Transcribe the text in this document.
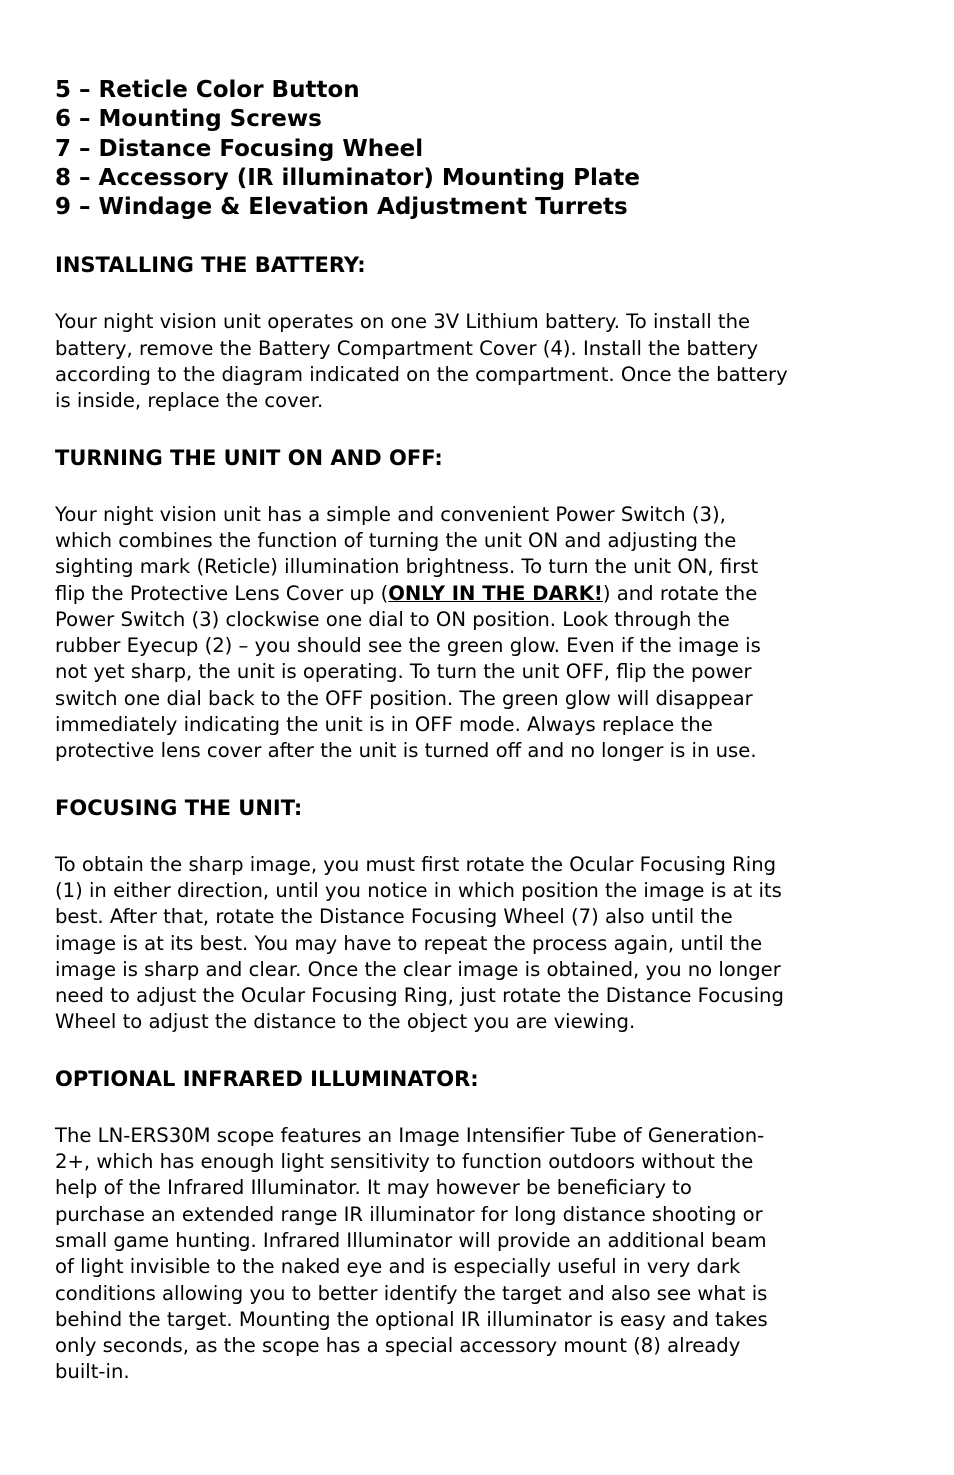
5 – Reticle Color Button
6 – Mounting Screws
7 – Distance Focusing Wheel
8 – Accessory (IR illuminator) Mounting Plate
9 – Windage & Elevation Adjustment Turrets
INSTALLING THE BATTERY:

Your night vision unit operates on one 3V Lithium battery. To install the
battery, remove the Battery Compartment Cover (4). Install the battery
according to the diagram indicated on the compartment. Once the battery
is inside, replace the cover.

TURNING THE UNIT ON AND OFF:

Your night vision unit has a simple and convenient Power Switch (3),
which combines the function of turning the unit ON and adjusting the
sighting mark (Reticle) illumination brightness. To turn the unit ON, first
flip the Protective Lens Cover up (ONLY IN THE DARK!) and rotate the
Power Switch (3) clockwise one dial to ON position. Look through the
rubber Eyecup (2) – you should see the green glow. Even if the image is
not yet sharp, the unit is operating. To turn the unit OFF, flip the power
switch one dial back to the OFF position. The green glow will disappear
immediately indicating the unit is in OFF mode. Always replace the
protective lens cover after the unit is turned off and no longer is in use.

FOCUSING THE UNIT:

To obtain the sharp image, you must first rotate the Ocular Focusing Ring
(1) in either direction, until you notice in which position the image is at its
best. After that, rotate the Distance Focusing Wheel (7) also until the
image is at its best. You may have to repeat the process again, until the
image is sharp and clear. Once the clear image is obtained, you no longer
need to adjust the Ocular Focusing Ring, just rotate the Distance Focusing
Wheel to adjust the distance to the object you are viewing.

OPTIONAL INFRARED ILLUMINATOR:

The LN-ERS30M scope features an Image Intensifier Tube of Generation-
2+, which has enough light sensitivity to function outdoors without the
help of the Infrared Illuminator. It may however be beneficiary to
purchase an extended range IR illuminator for long distance shooting or
small game hunting. Infrared Illuminator will provide an additional beam
of light invisible to the naked eye and is especially useful in very dark
conditions allowing you to better identify the target and also see what is
behind the target. Mounting the optional IR illuminator is easy and takes
only seconds, as the scope has a special accessory mount (8) already
built-in.
